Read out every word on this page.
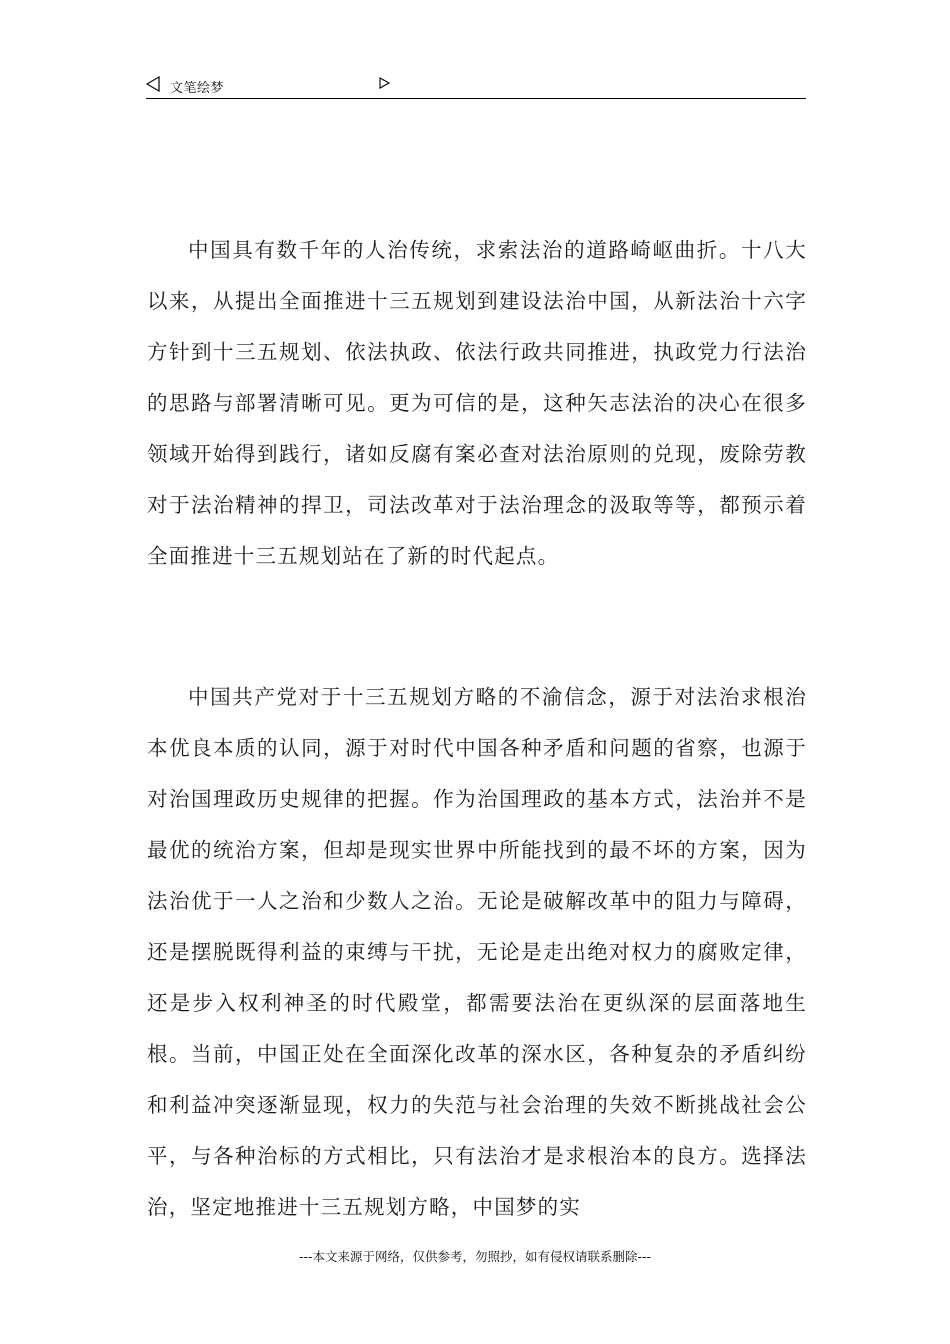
文笔绘梦

中国具有数千年的人治传统，求索法治的道路崎岖曲折。十八大以来，从提出全面推进十三五规划到建设法治中国，从新法治十六字方针到十三五规划、依法执政、依法行政共同推进，执政党力行法治的思路与部署清晰可见。更为可信的是，这种矢志法治的决心在很多领域开始得到践行，诸如反腐有案必查对法治原则的兑现，废除劳教对于法治精神的捍卫，司法改革对于法治理念的汲取等等，都预示着全面推进十三五规划站在了新的时代起点。

中国共产党对于十三五规划方略的不渝信念，源于对法治求根治本优良本质的认同，源于对时代中国各种矛盾和问题的省察，也源于对治国理政历史规律的把握。作为治国理政的基本方式，法治并不是最优的统治方案，但却是现实世界中所能找到的最不坏的方案，因为法治优于一人之治和少数人之治。无论是破解改革中的阻力与障碍，还是摆脱既得利益的束缚与干扰，无论是走出绝对权力的腐败定律，还是步入权利神圣的时代殿堂，都需要法治在更纵深的层面落地生根。当前，中国正处在全面深化改革的深水区，各种复杂的矛盾纠纷和利益冲突逐渐显现，权力的失范与社会治理的失效不断挑战社会公平，与各种治标的方式相比，只有法治才是求根治本的良方。选择法治，坚定地推进十三五规划方略，中国梦的实

---本文来源于网络，仅供参考，勿照抄，如有侵权请联系删除---
